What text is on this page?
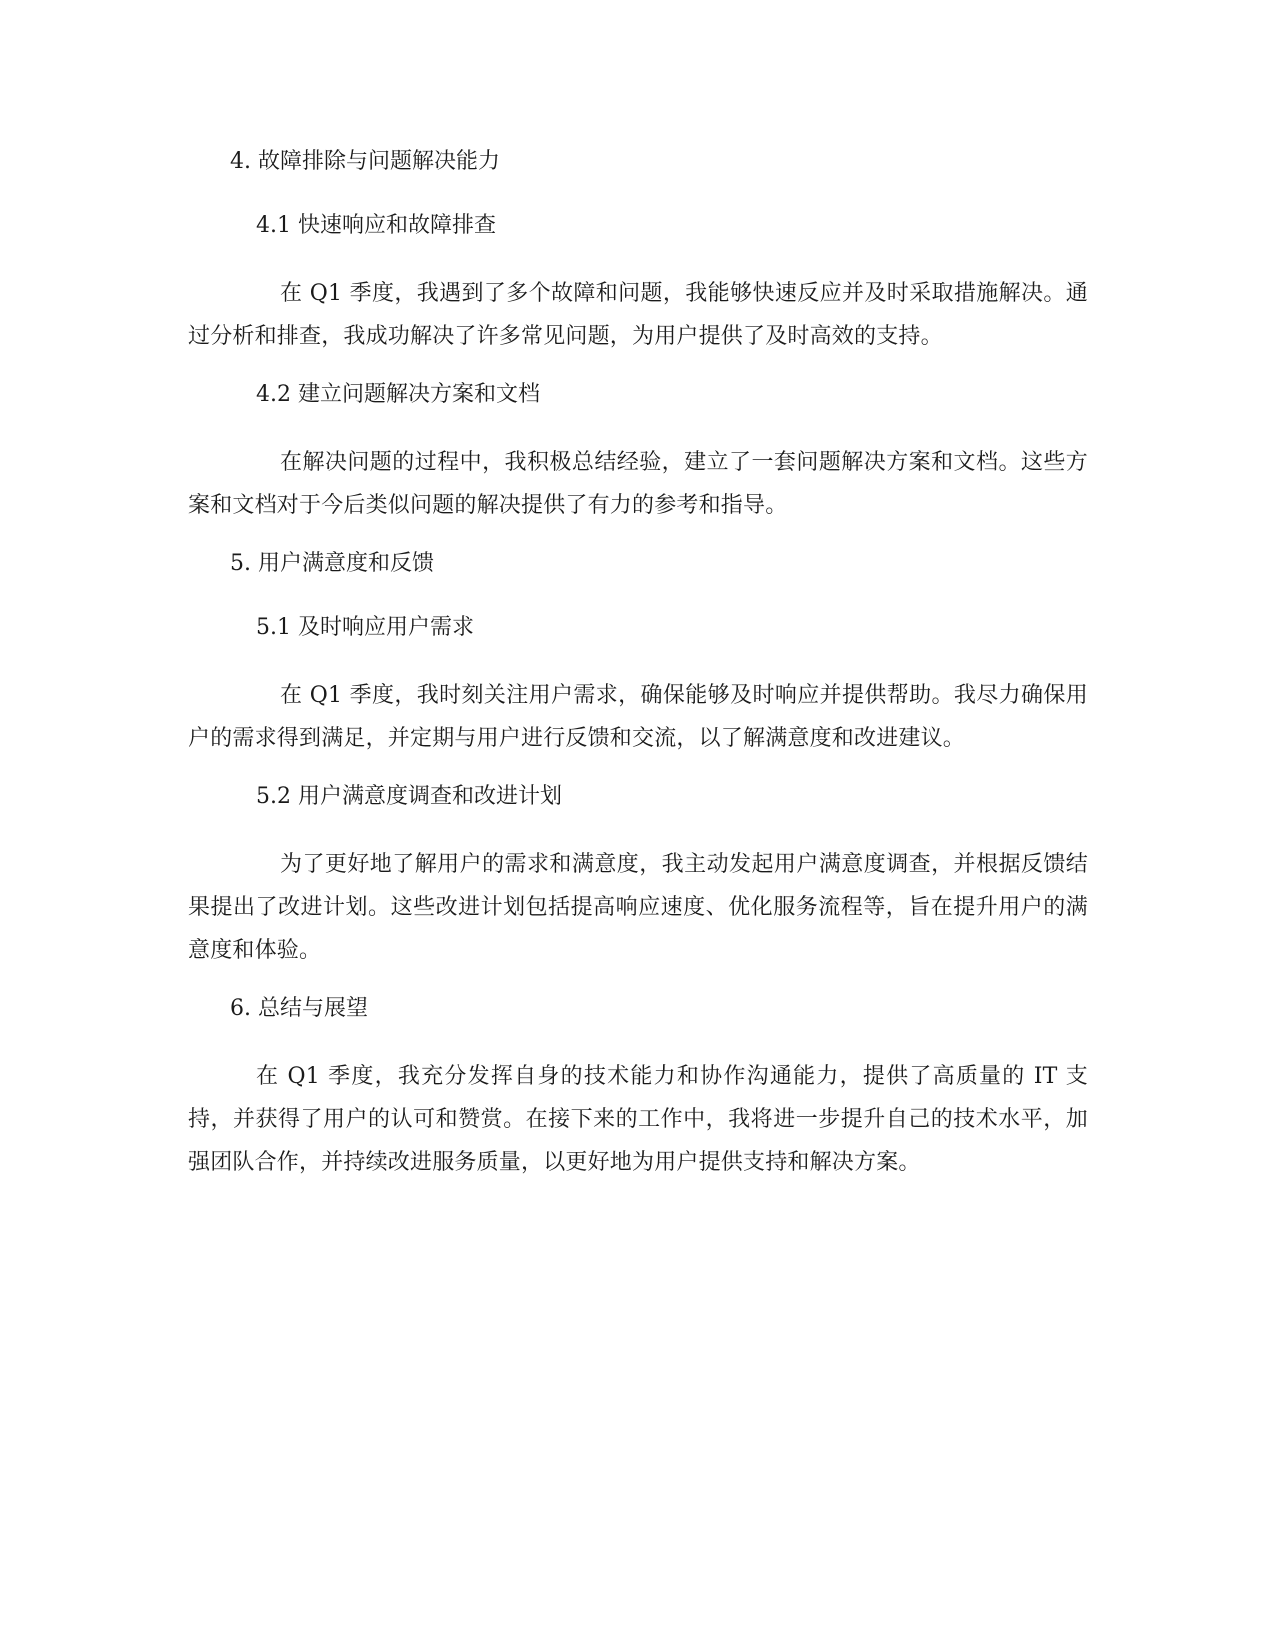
4. 故障排除与问题解决能力
4.1 快速响应和故障排查

在 Q1 季度，我遇到了多个故障和问题，我能够快速反应并及时采取措施解决。通过分析和排查，我成功解决了许多常见问题，为用户提供了及时高效的支持。

4.2 建立问题解决方案和文档

在解决问题的过程中，我积极总结经验，建立了一套问题解决方案和文档。这些方案和文档对于今后类似问题的解决提供了有力的参考和指导。

5. 用户满意度和反馈
5.1 及时响应用户需求

在 Q1 季度，我时刻关注用户需求，确保能够及时响应并提供帮助。我尽力确保用户的需求得到满足，并定期与用户进行反馈和交流，以了解满意度和改进建议。

5.2 用户满意度调查和改进计划

为了更好地了解用户的需求和满意度，我主动发起用户满意度调查，并根据反馈结果提出了改进计划。这些改进计划包括提高响应速度、优化服务流程等，旨在提升用户的满意度和体验。

6. 总结与展望

在 Q1 季度，我充分发挥自身的技术能力和协作沟通能力，提供了高质量的 IT 支持，并获得了用户的认可和赞赏。在接下来的工作中，我将进一步提升自己的技术水平，加强团队合作，并持续改进服务质量，以更好地为用户提供支持和解决方案。
